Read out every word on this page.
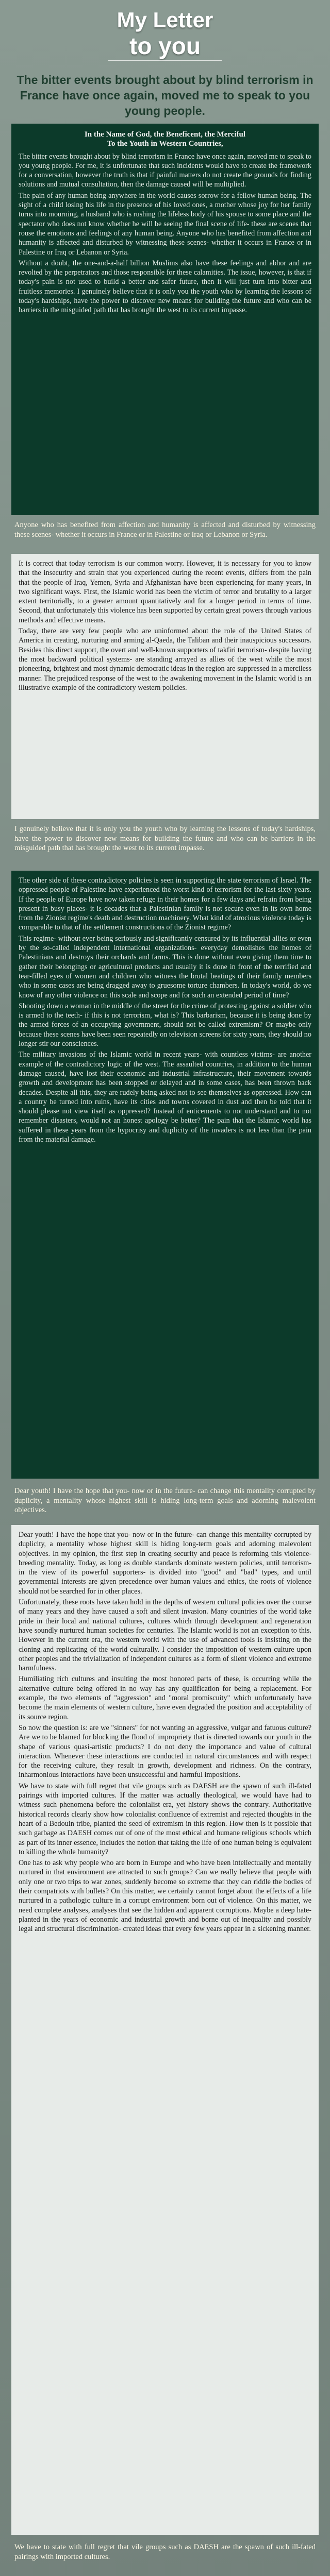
My Letter
to you
The bitter events brought about by blind terrorism in France have once again, moved me to speak to you young people.
In the Name of God, the Beneficent, the Merciful
To the Youth in Western Countries,

The bitter events brought about by blind terrorism in France have once again, moved me to speak to you young people. For me, it is unfortunate that such incidents would have to create the framework for a conversation, however the truth is that if painful matters do not create the grounds for finding solutions and mutual consultation, then the damage caused will be multiplied.

The pain of any human being anywhere in the world causes sorrow for a fellow human being. The sight of a child losing his life in the presence of his loved ones, a mother whose joy for her family turns into mourning, a husband who is rushing the lifeless body of his spouse to some place and the spectator who does not know whether he will be seeing the final scene of life- these are scenes that rouse the emotions and feelings of any human being. Anyone who has benefited from affection and humanity is affected and disturbed by witnessing these scenes- whether it occurs in France or in Palestine or Iraq or Lebanon or Syria.

Without a doubt, the one-and-a-half billion Muslims also have these feelings and abhor and are revolted by the perpetrators and those responsible for these calamities. The issue, however, is that if today's pain is not used to build a better and safer future, then it will just turn into bitter and fruitless memories. I genuinely believe that it is only you the youth who by learning the lessons of today's hardships, have the power to discover new means for building the future and who can be barriers in the misguided path that has brought the west to its current impasse.

Anyone who has benefited from affection and humanity is affected and disturbed by witnessing these scenes- whether it occurs in France or in Palestine or Iraq or Lebanon or Syria.

It is correct that today terrorism is our common worry. However, it is necessary for you to know that the insecurity and strain that you experienced during the recent events, differs from the pain that the people of Iraq, Yemen, Syria and Afghanistan have been experiencing for many years, in two significant ways. First, the Islamic world has been the victim of terror and brutality to a larger extent territorially, to a greater amount quantitatively and for a longer period in terms of time. Second, that unfortunately this violence has been supported by certain great powers through various methods and effective means.

Today, there are very few people who are uninformed about the role of the United States of America in creating, nurturing and arming al-Qaeda, the Taliban and their inauspicious successors. Besides this direct support, the overt and well-known supporters of takfiri terrorism- despite having the most backward political systems- are standing arrayed as allies of the west while the most pioneering, brightest and most dynamic democratic ideas in the region are suppressed in a merciless manner. The prejudiced response of the west to the awakening movement in the Islamic world is an illustrative example of the contradictory western policies.

I genuinely believe that it is only you the youth who by learning the lessons of today's hardships, have the power to discover new means for building the future and who can be barriers in the misguided path that has brought the west to its current impasse.

The other side of these contradictory policies is seen in supporting the state terrorism of Israel. The oppressed people of Palestine have experienced the worst kind of terrorism for the last sixty years. If the people of Europe have now taken refuge in their homes for a few days and refrain from being present in busy places- it is decades that a Palestinian family is not secure even in its own home from the Zionist regime's death and destruction machinery. What kind of atrocious violence today is comparable to that of the settlement constructions of the Zionist regime?

This regime- without ever being seriously and significantly censured by its influential allies or even by the so-called independent international organizations- everyday demolishes the homes of Palestinians and destroys their orchards and farms. This is done without even giving them time to gather their belongings or agricultural products and usually it is done in front of the terrified and tear-filled eyes of women and children who witness the brutal beatings of their family members who in some cases are being dragged away to gruesome torture chambers. In today's world, do we know of any other violence on this scale and scope and for such an extended period of time?

Shooting down a woman in the middle of the street for the crime of protesting against a soldier who is armed to the teeth- if this is not terrorism, what is? This barbarism, because it is being done by the armed forces of an occupying government, should not be called extremism? Or maybe only because these scenes have been seen repeatedly on television screens for sixty years, they should no longer stir our consciences.

The military invasions of the Islamic world in recent years- with countless victims- are another example of the contradictory logic of the west. The assaulted countries, in addition to the human damage caused, have lost their economic and industrial infrastructure, their movement towards growth and development has been stopped or delayed and in some cases, has been thrown back decades. Despite all this, they are rudely being asked not to see themselves as oppressed. How can a country be turned into ruins, have its cities and towns covered in dust and then be told that it should please not view itself as oppressed? Instead of enticements to not understand and to not remember disasters, would not an honest apology be better? The pain that the Islamic world has suffered in these years from the hypocrisy and duplicity of the invaders is not less than the pain from the material damage.

Dear youth! I have the hope that you- now or in the future- can change this mentality corrupted by duplicity, a mentality whose highest skill is hiding long-term goals and adorning malevolent objectives.

Dear youth! I have the hope that you- now or in the future- can change this mentality corrupted by duplicity, a mentality whose highest skill is hiding long-term goals and adorning malevolent objectives. In my opinion, the first step in creating security and peace is reforming this violence-breeding mentality. Today, as long as double standards dominate western policies, until terrorism- in the view of its powerful supporters- is divided into "good" and "bad" types, and until governmental interests are given precedence over human values and ethics, the roots of violence should not be searched for in other places.

Unfortunately, these roots have taken hold in the depths of western cultural policies over the course of many years and they have caused a soft and silent invasion. Many countries of the world take pride in their local and national cultures, cultures which through development and regeneration have soundly nurtured human societies for centuries. The Islamic world is not an exception to this. However in the current era, the western world with the use of advanced tools is insisting on the cloning and replicating of the world culturally. I consider the imposition of western culture upon other peoples and the trivialization of independent cultures as a form of silent violence and extreme harmfulness.

Humiliating rich cultures and insulting the most honored parts of these, is occurring while the alternative culture being offered in no way has any qualification for being a replacement. For example, the two elements of "aggression" and "moral promiscuity" which unfortunately have become the main elements of western culture, have even degraded the position and acceptability of its source region.

So now the question is: are we "sinners" for not wanting an aggressive, vulgar and fatuous culture? Are we to be blamed for blocking the flood of impropriety that is directed towards our youth in the shape of various quasi-artistic products? I do not deny the importance and value of cultural interaction. Whenever these interactions are conducted in natural circumstances and with respect for the receiving culture, they result in growth, development and richness. On the contrary, inharmonious interactions have been unsuccessful and harmful impositions.

We have to state with full regret that vile groups such as DAESH are the spawn of such ill-fated pairings with imported cultures. If the matter was actually theological, we would have had to witness such phenomena before the colonialist era, yet history shows the contrary. Authoritative historical records clearly show how colonialist confluence of extremist and rejected thoughts in the heart of a Bedouin tribe, planted the seed of extremism in this region. How then is it possible that such garbage as DAESH comes out of one of the most ethical and humane religious schools which as part of its inner essence, includes the notion that taking the life of one human being is equivalent to killing the whole humanity?

One has to ask why people who are born in Europe and who have been intellectually and mentally nurtured in that environment are attracted to such groups? Can we really believe that people with only one or two trips to war zones, suddenly become so extreme that they can riddle the bodies of their compatriots with bullets? On this matter, we certainly cannot forget about the effects of a life nurtured in a pathologic culture in a corrupt environment born out of violence. On this matter, we need complete analyses, analyses that see the hidden and apparent corruptions. Maybe a deep hate- planted in the years of economic and industrial growth and borne out of inequality and possibly legal and structural discrimination- created ideas that every few years appear in a sickening manner.

We have to state with full regret that vile groups such as DAESH are the spawn of such ill-fated pairings with imported cultures.
